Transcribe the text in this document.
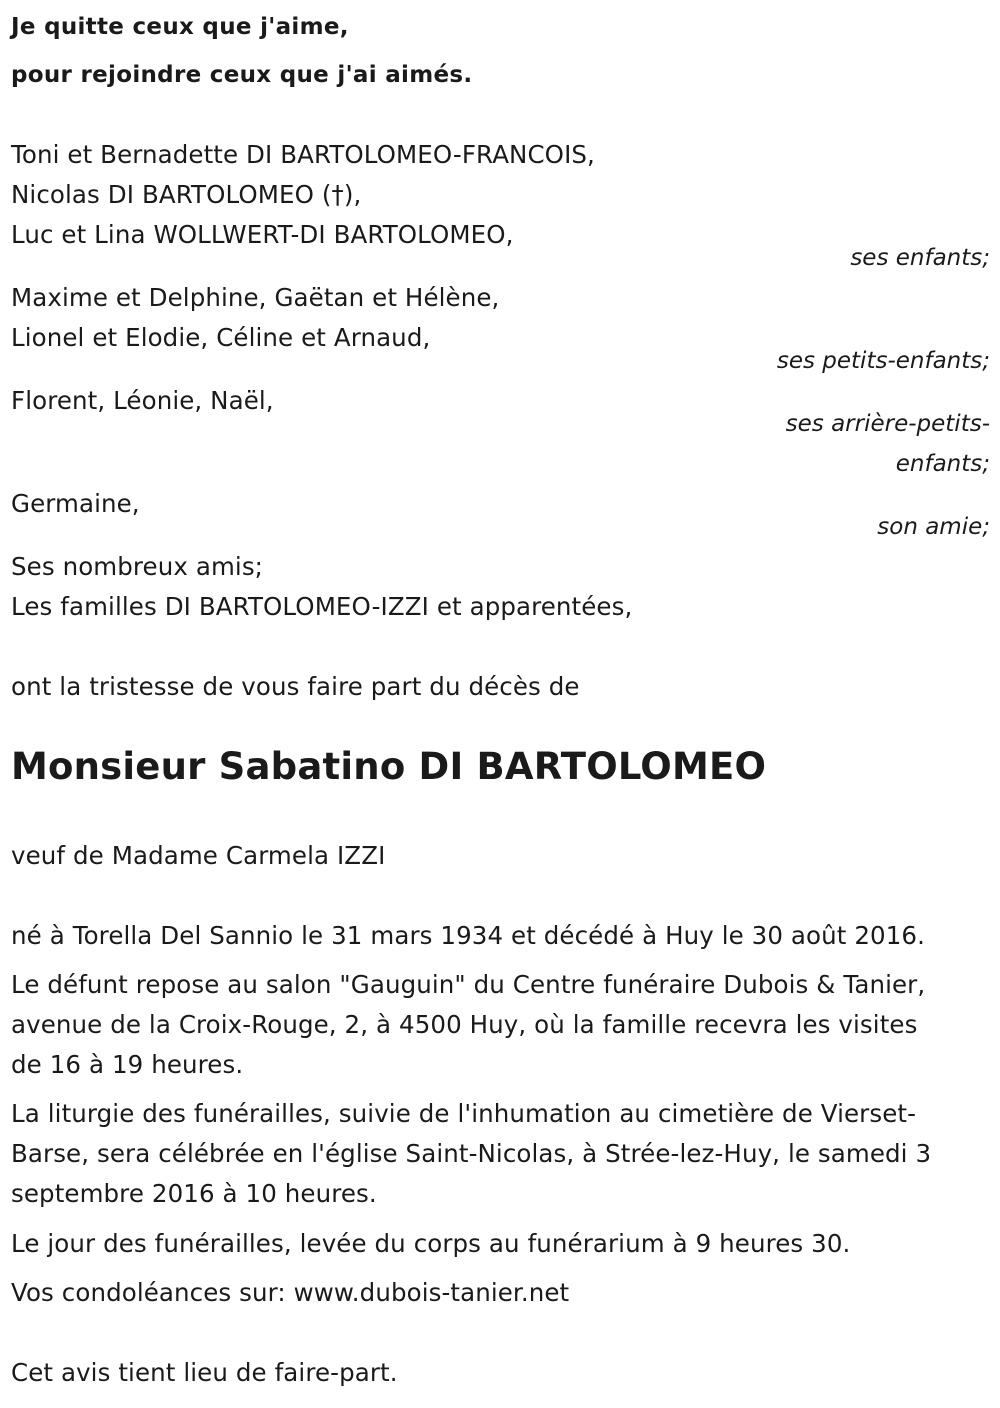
Je quitte ceux que j'aime,
pour rejoindre ceux que j'ai aimés.
Toni et Bernadette DI BARTOLOMEO-FRANCOIS,
Nicolas DI BARTOLOMEO (†),
Luc et Lina WOLLWERT-DI BARTOLOMEO,
ses enfants;
Maxime et Delphine, Gaëtan et Hélène,
Lionel et Elodie, Céline et Arnaud,
ses petits-enfants;
Florent, Léonie, Naël,
ses arrière-petits-
enfants;
Germaine,
son amie;
Ses nombreux amis;
Les familles DI BARTOLOMEO-IZZI et apparentées,
ont la tristesse de vous faire part du décès de
Monsieur Sabatino DI BARTOLOMEO
veuf de Madame Carmela IZZI
né à Torella Del Sannio le 31 mars 1934 et décédé à Huy le 30 août 2016.
Le défunt repose au salon "Gauguin" du Centre funéraire Dubois & Tanier,
avenue de la Croix-Rouge, 2, à 4500 Huy, où la famille recevra les visites
de 16 à 19 heures.
La liturgie des funérailles, suivie de l'inhumation au cimetière de Vierset-
Barse, sera célébrée en l'église Saint-Nicolas, à Strée-lez-Huy, le samedi 3
septembre 2016 à 10 heures.
Le jour des funérailles, levée du corps au funérarium à 9 heures 30.
Vos condoléances sur: www.dubois-tanier.net
Cet avis tient lieu de faire-part.
